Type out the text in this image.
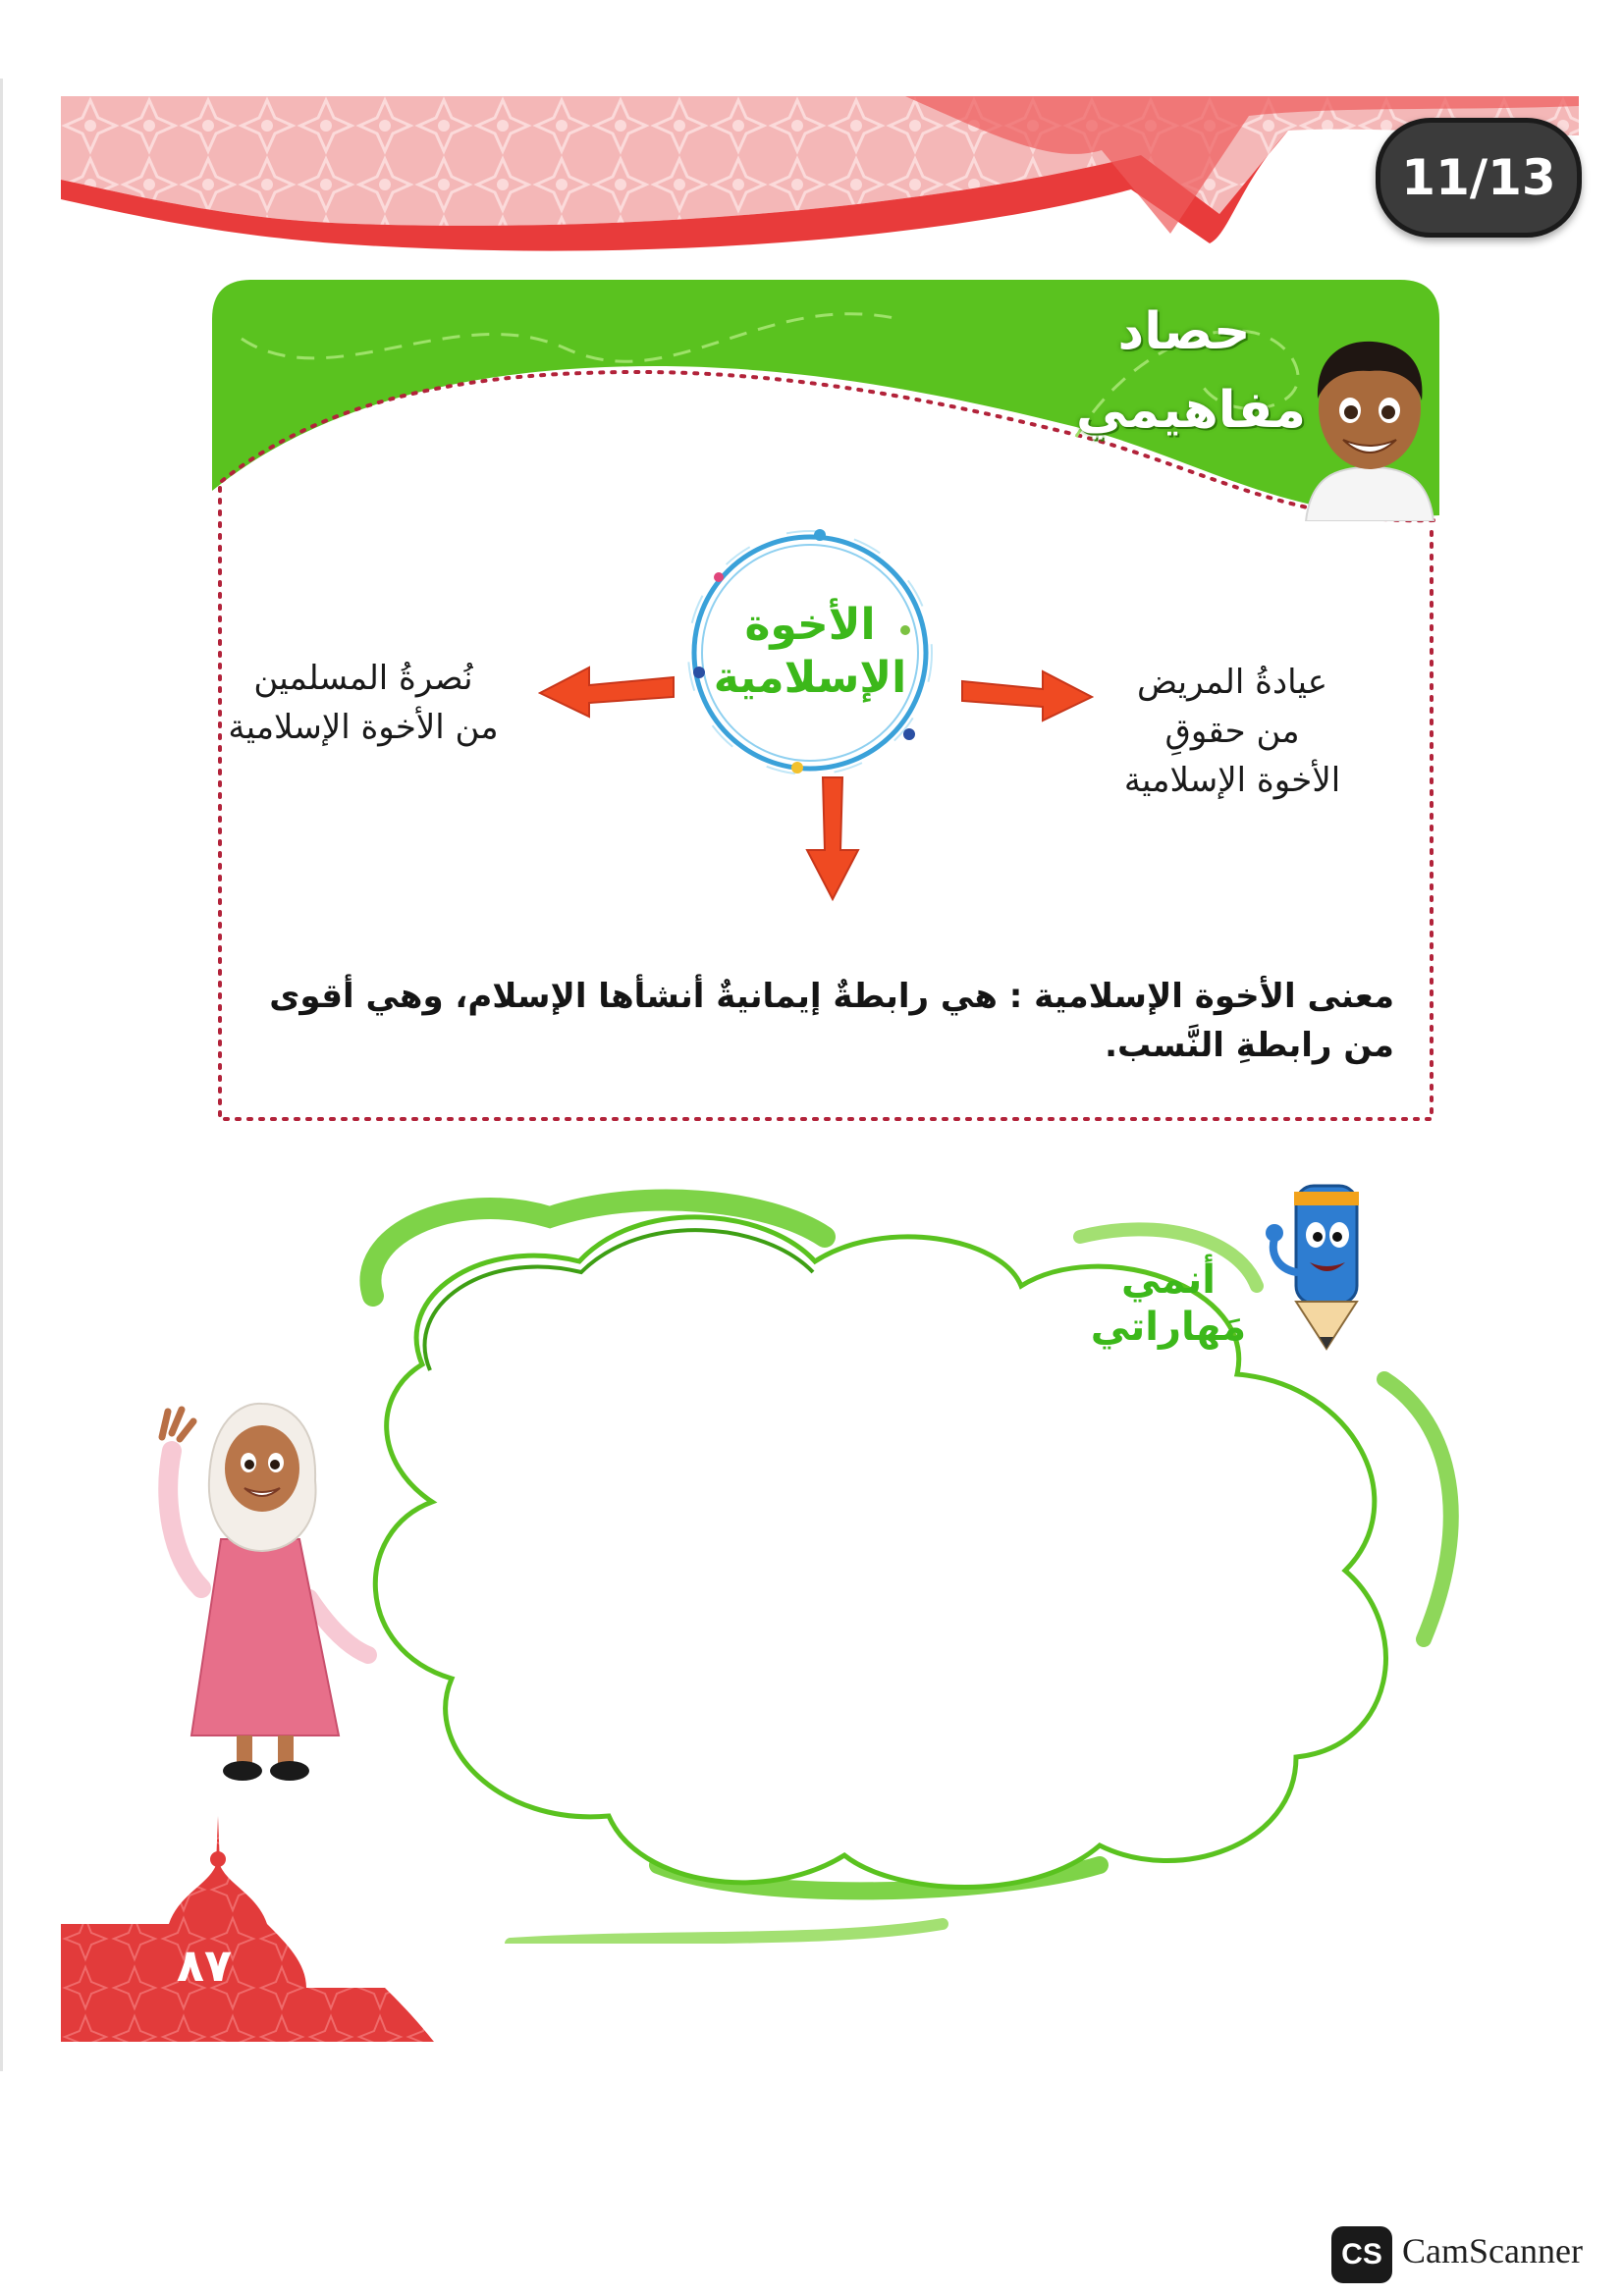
11/13
حصاد
مفاهيمي
الأخوة
الإسلامية
نُصرةُ المسلمين
من الأخوة الإسلامية
عيادةُ المريض
من حقوقِ
الأخوة الإسلامية
معنى الأخوة الإسلامية : هي رابطةٌ إيمانيةٌ أنشأها الإسلام، وهي أقوى من رابطةِ النَّسب.
أنمي
مَهاراتي
٨٧
CS CamScanner
